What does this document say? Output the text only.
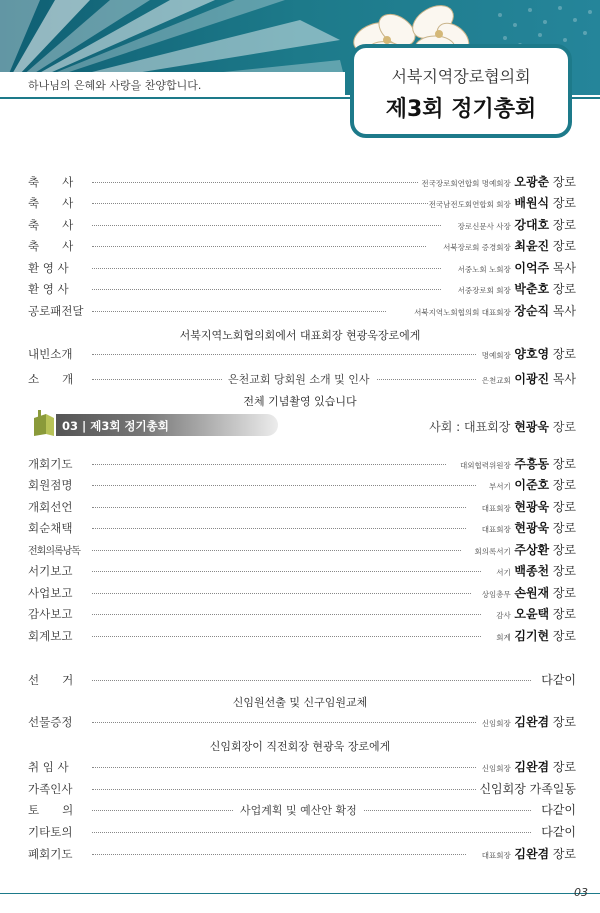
하나님의 은혜와 사랑을 찬양합니다.	서북지역장로협의회
제3회 정기총회
축　　사	전국장로회연합회 명예회장 오광춘 장로
축　　사	전국남전도회연합회 회장 배원식 장로
축　　사	장로신문사 사장 강대호 장로
축　　사	서북장로회 증경회장 최윤진 장로
환 영 사	서중노회 노회장 이억주 목사
환 영 사	서중장로회 회장 박춘호 장로
공로패전달	서북지역노회협의회 대표회장 장순직 목사
서북지역노회협의회에서 대표회장 현광욱장로에게
내빈소개	명예회장 양호영 장로
소　　개	은천교회 당회원 소개 및 인사	은천교회 이광진 목사
전체 기념촬영 있습니다
03 | 제3회 정기총회	사회 : 대표회장 현광욱 장로
개회기도	대외협력위원장 주흥동 장로
회원점명	부서기 이준호 장로
개회선언	대표회장 현광욱 장로
회순채택	대표회장 현광욱 장로
전회의록낭독	회의록서기 주상환 장로
서기보고	서기 백종천 장로
사업보고	상임총무 손원재 장로
감사보고	감사 오윤택 장로
회계보고	회계 김기현 장로
선　　거	다같이
신임원선출 및 신구임원교체
선물증정	신임회장 김완겸 장로
신임회장이 직전회장 현광욱 장로에게
취 임 사	신임회장 김완겸 장로
가족인사	신임회장 가족일동
토　　의	사업계획 및 예산안 확정	다같이
기타토의	다같이
폐회기도	대표회장 김완겸 장로
03
